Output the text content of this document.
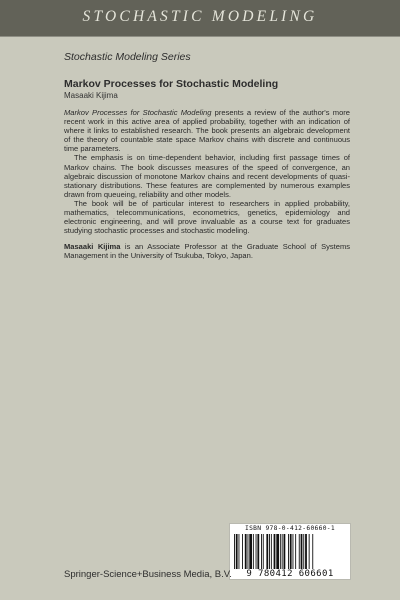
STOCHASTIC MODELING
Stochastic Modeling Series
Markov Processes for Stochastic Modeling
Masaaki Kijima

Markov Processes for Stochastic Modeling presents a review of the author's more recent work in this active area of applied probability, together with an indication of where it links to established research. The book presents an algebraic development of the theory of countable state space Markov chains with discrete and continuous time parameters.

The emphasis is on time-dependent behavior, including first passage times of Markov chains. The book discusses measures of the speed of convergence, an algebraic discussion of monotone Markov chains and recent developments of quasi-stationary distributions. These features are complemented by numerous examples drawn from queueing, reliability and other models.

The book will be of particular interest to researchers in applied probability, mathematics, telecommunications, econometrics, genetics, epidemiology and electronic engineering, and will prove invaluable as a course text for graduates studying stochastic processes and stochastic modeling.

Masaaki Kijima is an Associate Professor at the Graduate School of Systems Management in the University of Tsukuba, Tokyo, Japan.

ISBN 978-0-412-60660-1
9 780412 606601
Springer-Science+Business Media, B.V.
